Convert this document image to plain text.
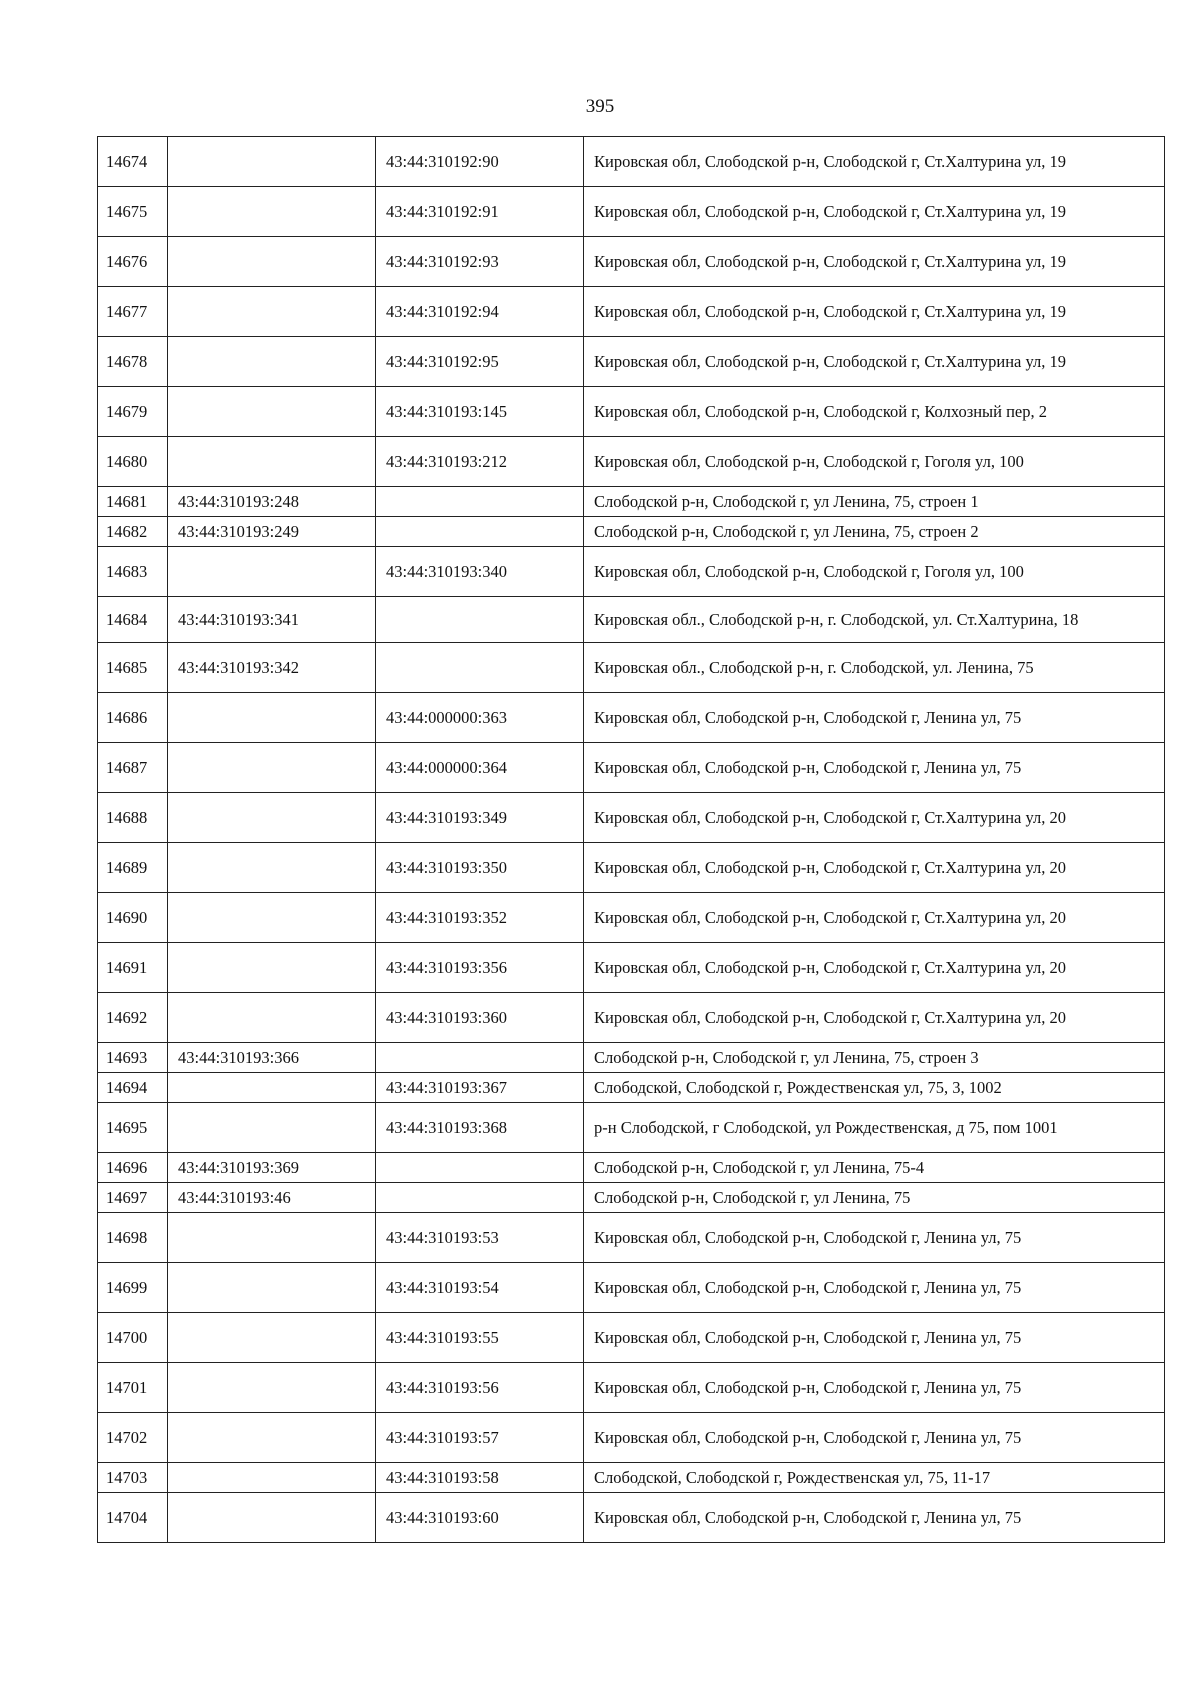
395
14674		43:44:310192:90	Кировская обл, Слободской р-н, Слободской г, Ст.Халтурина ул, 19
14675		43:44:310192:91	Кировская обл, Слободской р-н, Слободской г, Ст.Халтурина ул, 19
14676		43:44:310192:93	Кировская обл, Слободской р-н, Слободской г, Ст.Халтурина ул, 19
14677		43:44:310192:94	Кировская обл, Слободской р-н, Слободской г, Ст.Халтурина ул, 19
14678		43:44:310192:95	Кировская обл, Слободской р-н, Слободской г, Ст.Халтурина ул, 19
14679		43:44:310193:145	Кировская обл, Слободской р-н, Слободской г, Колхозный пер, 2
14680		43:44:310193:212	Кировская обл, Слободской р-н, Слободской г, Гоголя ул, 100
14681	43:44:310193:248		Слободской р-н, Слободской г, ул Ленина, 75, строен 1
14682	43:44:310193:249		Слободской р-н, Слободской г, ул Ленина, 75, строен 2
14683		43:44:310193:340	Кировская обл, Слободской р-н, Слободской г, Гоголя ул, 100
14684	43:44:310193:341		Кировская обл., Слободской р-н, г. Слободской, ул. Ст.Халтурина, 18
14685	43:44:310193:342		Кировская обл., Слободской р-н, г. Слободской, ул. Ленина, 75
14686		43:44:000000:363	Кировская обл, Слободской р-н, Слободской г, Ленина ул, 75
14687		43:44:000000:364	Кировская обл, Слободской р-н, Слободской г, Ленина ул, 75
14688		43:44:310193:349	Кировская обл, Слободской р-н, Слободской г, Ст.Халтурина ул, 20
14689		43:44:310193:350	Кировская обл, Слободской р-н, Слободской г, Ст.Халтурина ул, 20
14690		43:44:310193:352	Кировская обл, Слободской р-н, Слободской г, Ст.Халтурина ул, 20
14691		43:44:310193:356	Кировская обл, Слободской р-н, Слободской г, Ст.Халтурина ул, 20
14692		43:44:310193:360	Кировская обл, Слободской р-н, Слободской г, Ст.Халтурина ул, 20
14693	43:44:310193:366		Слободской р-н, Слободской г, ул Ленина, 75, строен 3
14694		43:44:310193:367	Слободской, Слободской г, Рождественская ул, 75, 3, 1002
14695		43:44:310193:368	р-н Слободской, г Слободской, ул Рождественская, д 75, пом 1001
14696	43:44:310193:369		Слободской р-н, Слободской г, ул Ленина, 75-4
14697	43:44:310193:46		Слободской р-н, Слободской г, ул Ленина, 75
14698		43:44:310193:53	Кировская обл, Слободской р-н, Слободской г, Ленина ул, 75
14699		43:44:310193:54	Кировская обл, Слободской р-н, Слободской г, Ленина ул, 75
14700		43:44:310193:55	Кировская обл, Слободской р-н, Слободской г, Ленина ул, 75
14701		43:44:310193:56	Кировская обл, Слободской р-н, Слободской г, Ленина ул, 75
14702		43:44:310193:57	Кировская обл, Слободской р-н, Слободской г, Ленина ул, 75
14703		43:44:310193:58	Слободской, Слободской г, Рождественская ул, 75, 11-17
14704		43:44:310193:60	Кировская обл, Слободской р-н, Слободской г, Ленина ул, 75
